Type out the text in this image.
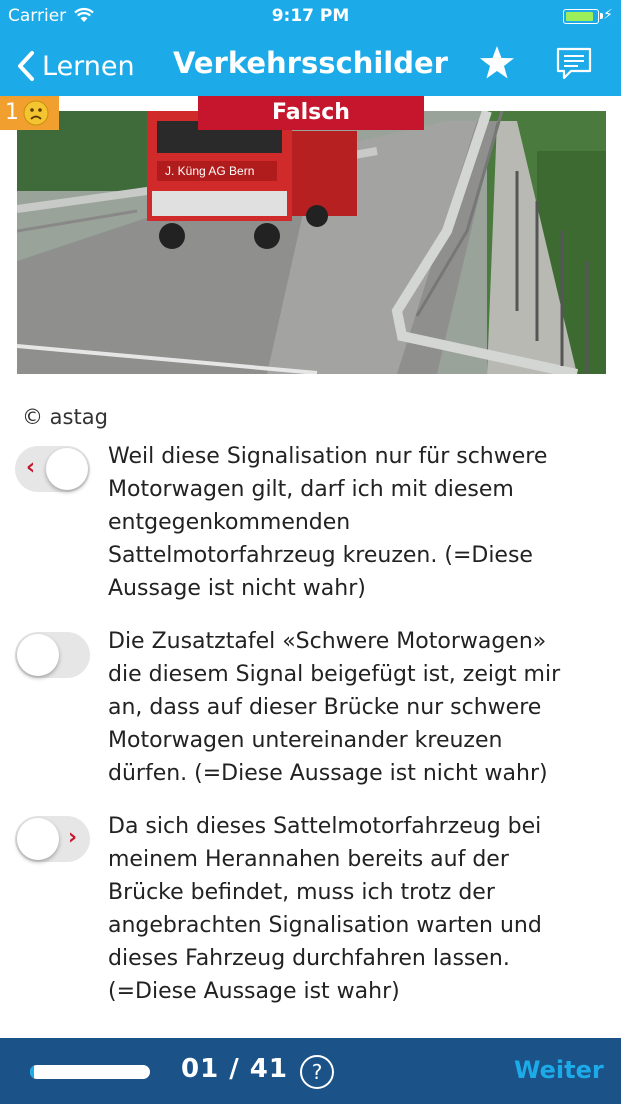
Carrier	9:17 PM	⚡
Lernen	Verkehrsschilder
J. Küng AG Bern
1	Falsch
© astag
‹	Weil diese Signalisation nur für schwere Motorwagen gilt, darf ich mit diesem entgegenkommenden Sattelmotorfahrzeug kreuzen. (=Diese Aussage ist nicht wahr)
Die Zusatztafel «Schwere Motorwagen» die diesem Signal beigefügt ist, zeigt mir an, dass auf dieser Brücke nur schwere Motorwagen untereinander kreuzen dürfen. (=Diese Aussage ist nicht wahr)
› Da sich dieses Sattelmotorfahrzeug bei meinem Herannahen bereits auf der Brücke befindet, muss ich trotz der angebrachten Signalisation warten und dieses Fahrzeug durchfahren lassen. (=Diese Aussage ist wahr)
01 / 41	?	Weiter
